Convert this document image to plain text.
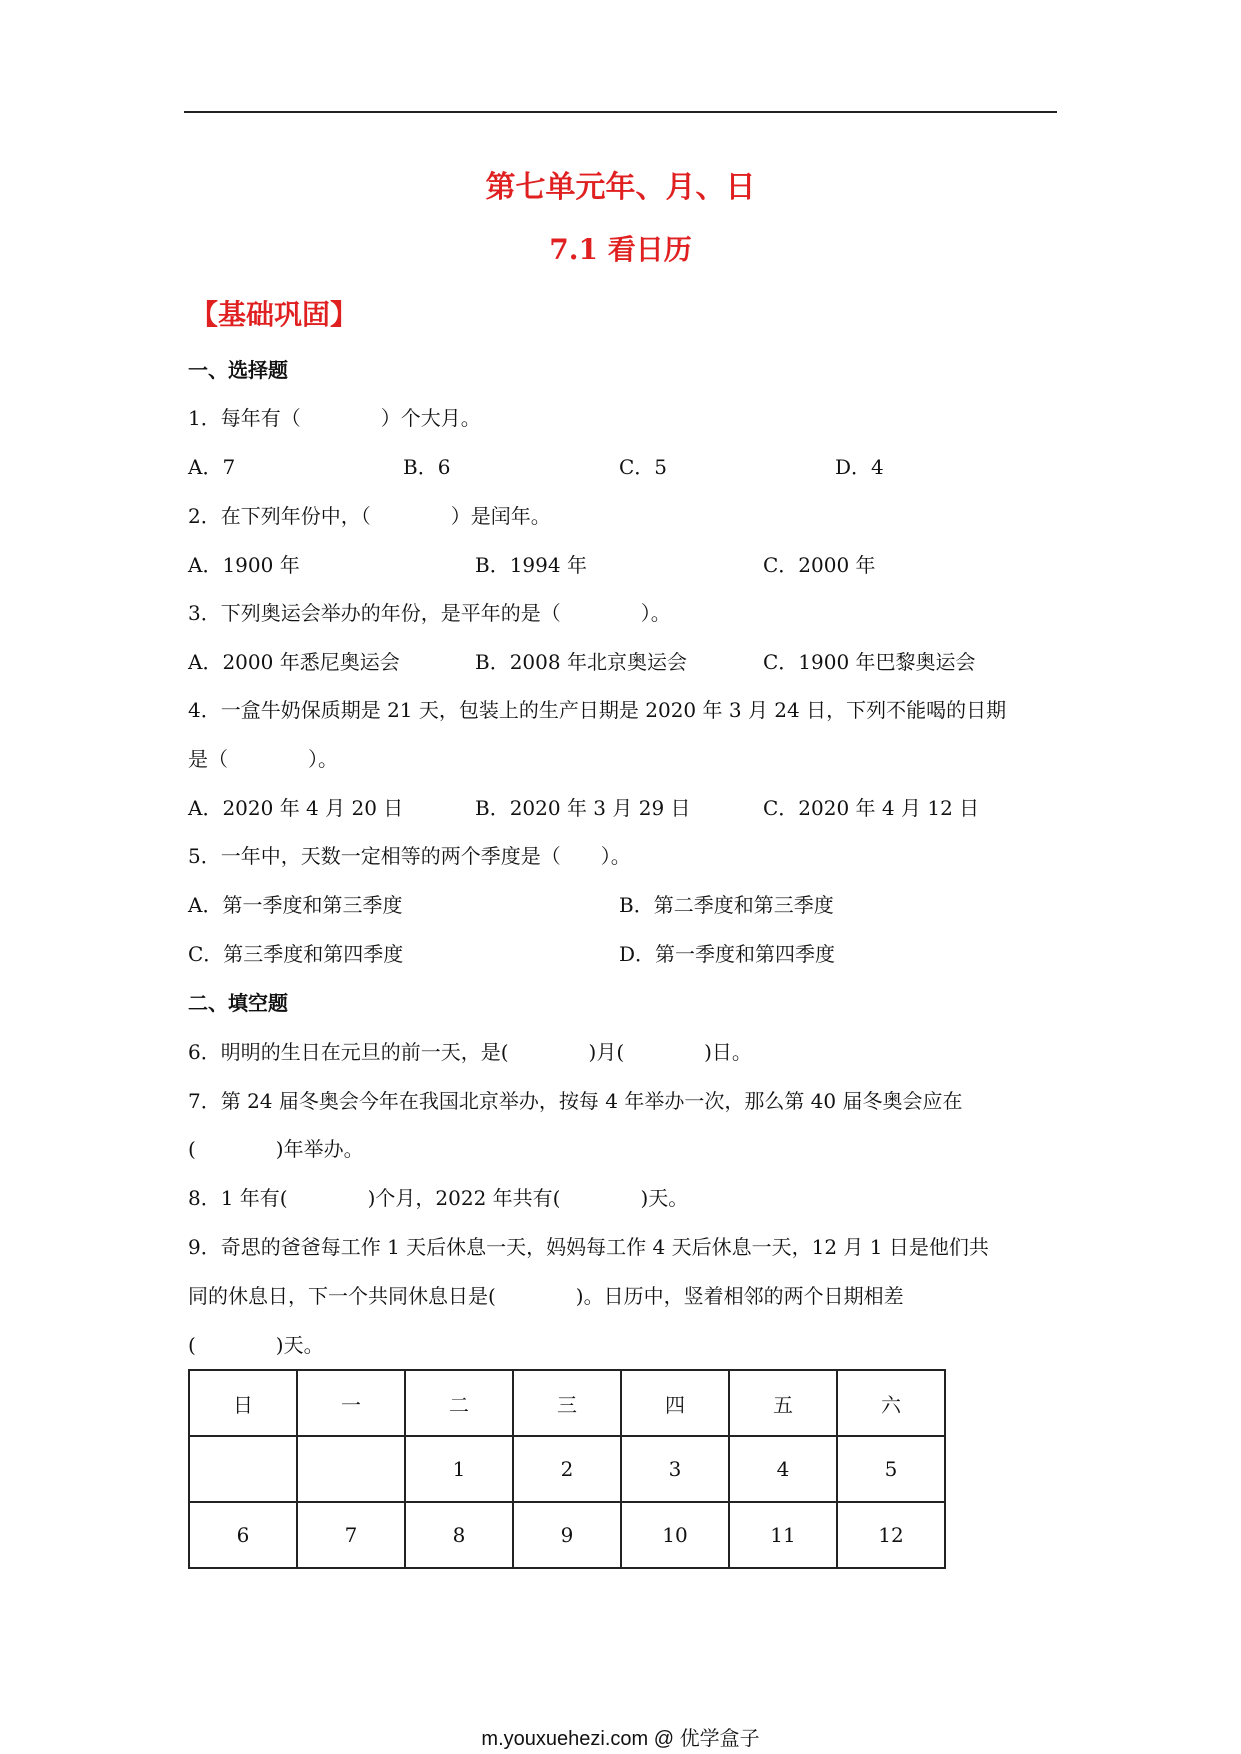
第七单元年、月、日
7.1 看日历
【基础巩固】
一、选择题
1．每年有（　　　　）个大月。
A．7	B．6	C．5	D．4
2．在下列年份中，（　　　　）是闰年。
A．1900 年	B．1994 年	C．2000 年
3．下列奥运会举办的年份，是平年的是（　　　　）。
A．2000 年悉尼奥运会	B．2008 年北京奥运会	C．1900 年巴黎奥运会
4．一盒牛奶保质期是 21 天，包装上的生产日期是 2020 年 3 月 24 日，下列不能喝的日期
是（　　　　）。
A．2020 年 4 月 20 日	B．2020 年 3 月 29 日	C．2020 年 4 月 12 日
5．一年中，天数一定相等的两个季度是（　　）。
A．第一季度和第三季度	B．第二季度和第三季度
C．第三季度和第四季度	D．第一季度和第四季度
二、填空题
6．明明的生日在元旦的前一天，是(　　　　)月(　　　　)日。
7．第 24 届冬奥会今年在我国北京举办，按每 4 年举办一次，那么第 40 届冬奥会应在
(　　　　)年举办。
8．1 年有(　　　　)个月，2022 年共有(　　　　)天。
9．奇思的爸爸每工作 1 天后休息一天，妈妈每工作 4 天后休息一天，12 月 1 日是他们共
同的休息日，下一个共同休息日是(　　　　)。日历中，竖着相邻的两个日期相差
(　　　　)天。
日	一	二	三	四	五	六
		1	2	3	4	5
6	7	8	9	10	11	12
m.youxuehezi.com @ 优学盒子
